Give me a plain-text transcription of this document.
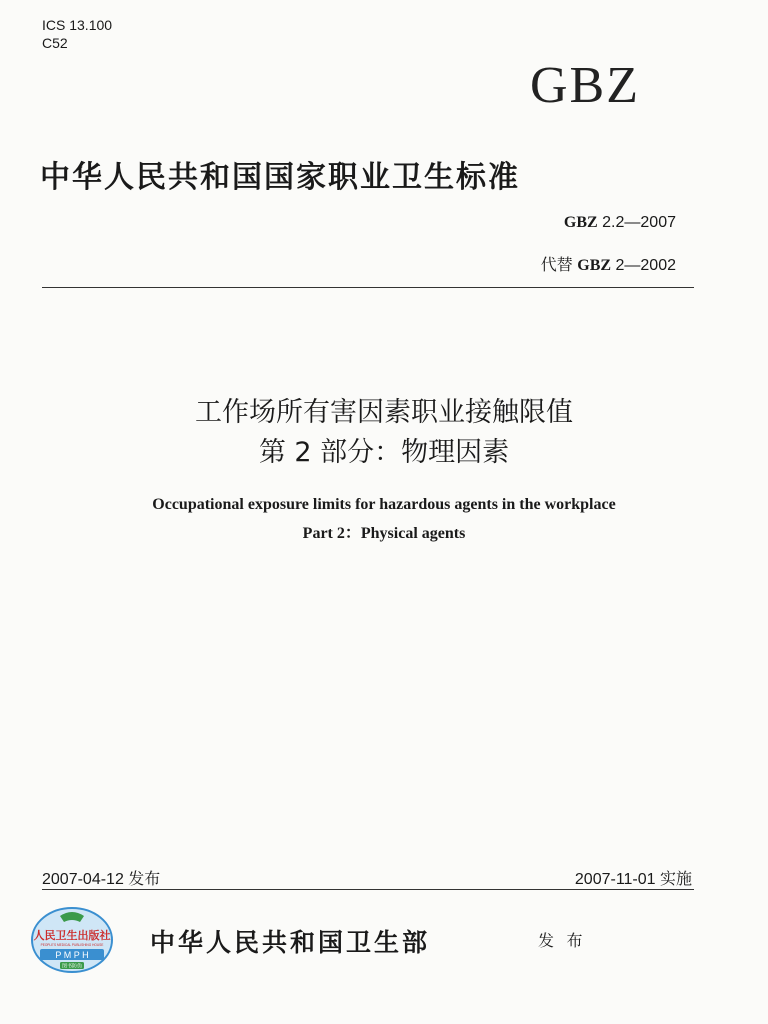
ICS 13.100
C52
GBZ
中华人民共和国国家职业卫生标准
GBZ 2.2—2007
代替 GBZ 2—2002
工作场所有害因素职业接触限值
第 2 部分：物理因素
Occupational exposure limits for hazardous agents in the workplace
Part 2：Physical agents
2007-04-12 发布	2007-11-01 实施
人民卫生出版社
PEOPLE'S MEDICAL PUBLISHING HOUSE
P M P H
图书防伪
中华人民共和国卫生部	发 布
